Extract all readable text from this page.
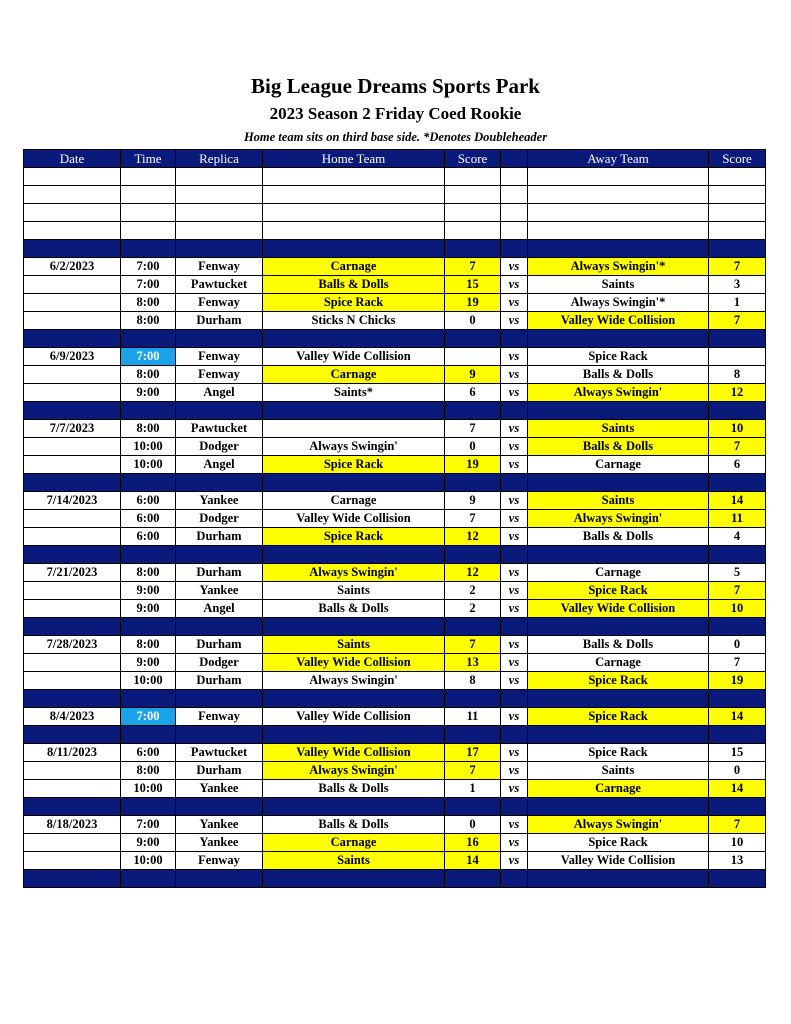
Big League Dreams Sports Park
2023 Season 2 Friday Coed Rookie
Home team sits on third base side. *Denotes Doubleheader
Date	Time	Replica	Home Team	Score		Away Team	Score

6/2/2023	7:00	Fenway	Carnage	7	vs	Always Swingin'*	7
	7:00	Pawtucket	Balls & Dolls	15	vs	Saints	3
	8:00	Fenway	Spice Rack	19	vs	Always Swingin'*	1
	8:00	Durham	Sticks N Chicks	0	vs	Valley Wide Collision	7

6/9/2023	7:00	Fenway	Valley Wide Collision		vs	Spice Rack	
	8:00	Fenway	Carnage	9	vs	Balls & Dolls	8
	9:00	Angel	Saints*	6	vs	Always Swingin'	12

7/7/2023	8:00	Pawtucket		7	vs	Saints	10
	10:00	Dodger	Always Swingin'	0	vs	Balls & Dolls	7
	10:00	Angel	Spice Rack	19	vs	Carnage	6

7/14/2023	6:00	Yankee	Carnage	9	vs	Saints	14
	6:00	Dodger	Valley Wide Collision	7	vs	Always Swingin'	11
	6:00	Durham	Spice Rack	12	vs	Balls & Dolls	4

7/21/2023	8:00	Durham	Always Swingin'	12	vs	Carnage	5
	9:00	Yankee	Saints	2	vs	Spice Rack	7
	9:00	Angel	Balls & Dolls	2	vs	Valley Wide Collision	10

7/28/2023	8:00	Durham	Saints	7	vs	Balls & Dolls	0
	9:00	Dodger	Valley Wide Collision	13	vs	Carnage	7
	10:00	Durham	Always Swingin'	8	vs	Spice Rack	19

8/4/2023	7:00	Fenway	Valley Wide Collision	11	vs	Spice Rack	14

8/11/2023	6:00	Pawtucket	Valley Wide Collision	17	vs	Spice Rack	15
	8:00	Durham	Always Swingin'	7	vs	Saints	0
	10:00	Yankee	Balls & Dolls	1	vs	Carnage	14

8/18/2023	7:00	Yankee	Balls & Dolls	0	vs	Always Swingin'	7
	9:00	Yankee	Carnage	16	vs	Spice Rack	10
	10:00	Fenway	Saints	14	vs	Valley Wide Collision	13
